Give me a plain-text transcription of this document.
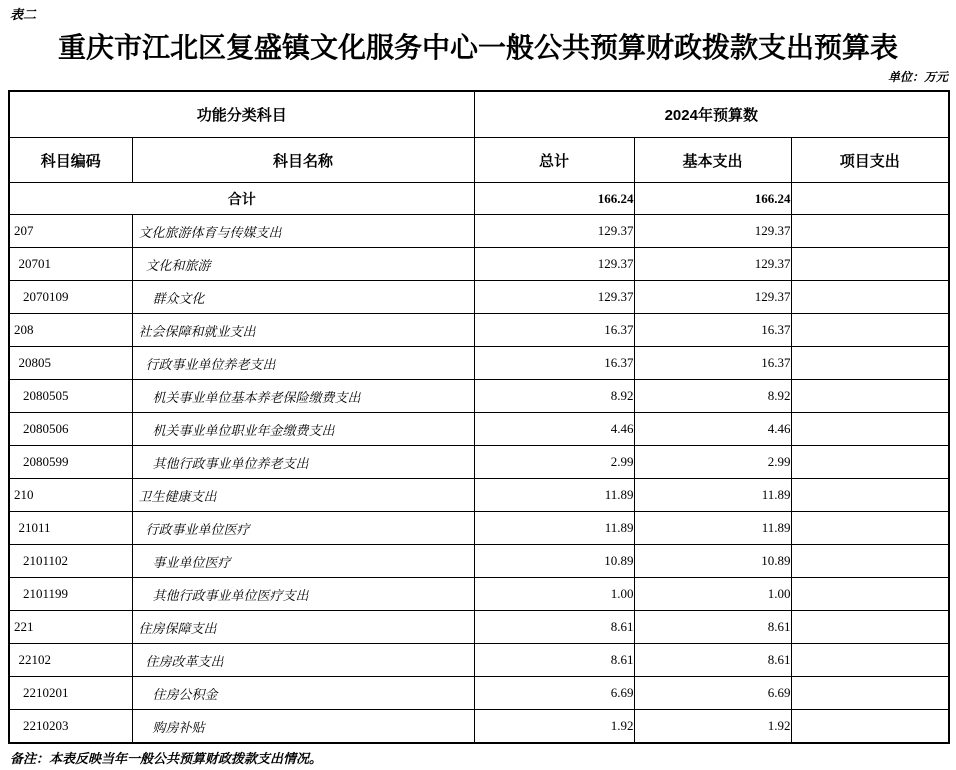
表二
重庆市江北区复盛镇文化服务中心一般公共预算财政拨款支出预算表
单位：万元
功能分类科目		2024年预算数		
科目编码	科目名称	总计	基本支出	项目支出
合计		166.24	166.24	
207	文化旅游体育与传媒支出	129.37	129.37	
20701	文化和旅游	129.37	129.37	
2070109	群众文化	129.37	129.37	
208	社会保障和就业支出	16.37	16.37	
20805	行政事业单位养老支出	16.37	16.37	
2080505	机关事业单位基本养老保险缴费支出	8.92	8.92	
2080506	机关事业单位职业年金缴费支出	4.46	4.46	
2080599	其他行政事业单位养老支出	2.99	2.99	
210	卫生健康支出	11.89	11.89	
21011	行政事业单位医疗	11.89	11.89	
2101102	事业单位医疗	10.89	10.89	
2101199	其他行政事业单位医疗支出	1.00	1.00	
221	住房保障支出	8.61	8.61	
22102	住房改革支出	8.61	8.61	
2210201	住房公积金	6.69	6.69	
2210203	购房补贴	1.92	1.92	
备注：本表反映当年一般公共预算财政拨款支出情况。
